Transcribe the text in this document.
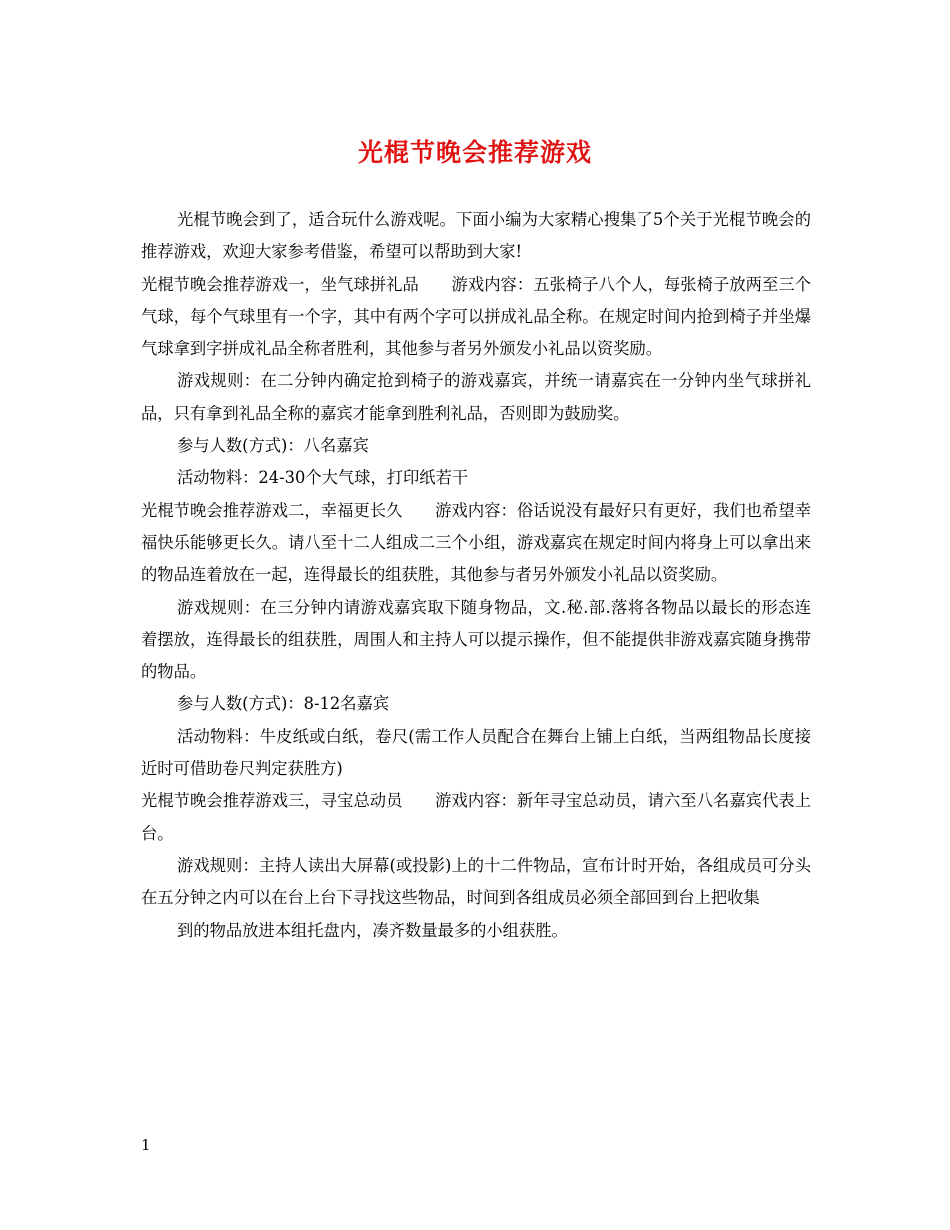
光棍节晚会推荐游戏

光棍节晚会到了，适合玩什么游戏呢。下面小编为大家精心搜集了5个关于光棍节晚会的推荐游戏，欢迎大家参考借鉴，希望可以帮助到大家!

光棍节晚会推荐游戏一，坐气球拼礼品　　游戏内容：五张椅子八个人，每张椅子放两至三个气球，每个气球里有一个字，其中有两个字可以拼成礼品全称。在规定时间内抢到椅子并坐爆气球拿到字拼成礼品全称者胜利，其他参与者另外颁发小礼品以资奖励。

游戏规则：在二分钟内确定抢到椅子的游戏嘉宾，并统一请嘉宾在一分钟内坐气球拼礼品，只有拿到礼品全称的嘉宾才能拿到胜利礼品，否则即为鼓励奖。

参与人数(方式)：八名嘉宾

活动物料：24-30个大气球，打印纸若干

光棍节晚会推荐游戏二，幸福更长久　　游戏内容：俗话说没有最好只有更好，我们也希望幸福快乐能够更长久。请八至十二人组成二三个小组，游戏嘉宾在规定时间内将身上可以拿出来的物品连着放在一起，连得最长的组获胜，其他参与者另外颁发小礼品以资奖励。

游戏规则：在三分钟内请游戏嘉宾取下随身物品，文.秘.部.落将各物品以最长的形态连着摆放，连得最长的组获胜，周围人和主持人可以提示操作，但不能提供非游戏嘉宾随身携带的物品。

参与人数(方式)：8-12名嘉宾

活动物料：牛皮纸或白纸，卷尺(需工作人员配合在舞台上铺上白纸，当两组物品长度接近时可借助卷尺判定获胜方)

光棍节晚会推荐游戏三，寻宝总动员　　游戏内容：新年寻宝总动员，请六至八名嘉宾代表上台。

游戏规则：主持人读出大屏幕(或投影)上的十二件物品，宣布计时开始，各组成员可分头在五分钟之内可以在台上台下寻找这些物品，时间到各组成员必须全部回到台上把收集

到的物品放进本组托盘内，凑齐数量最多的小组获胜。

1
